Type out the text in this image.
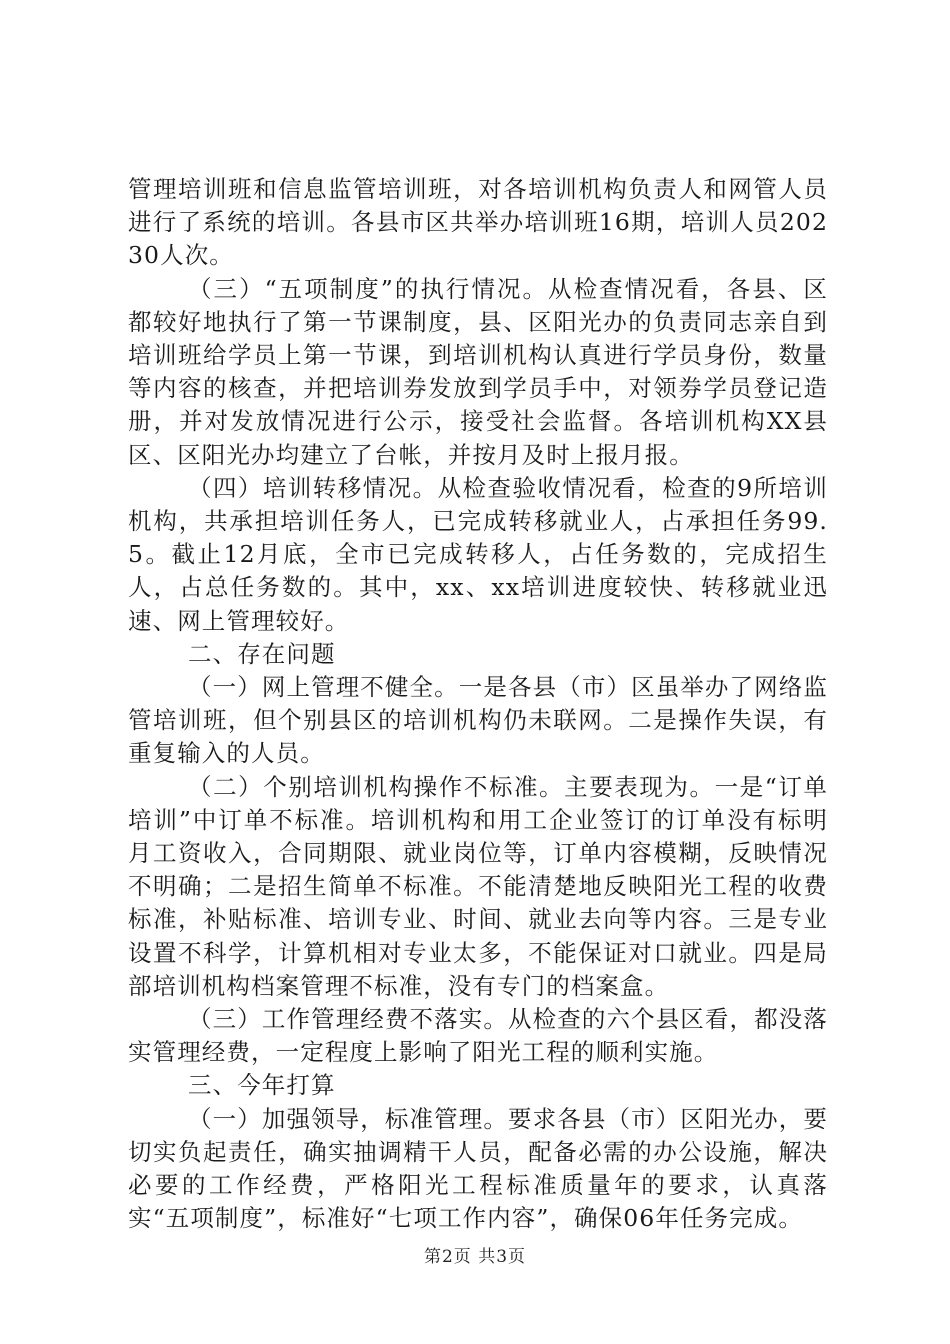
管理培训班和信息监管培训班，对各培训机构负责人和网管人员进行了系统的培训。各县市区共举办培训班16期，培训人员20230人次。

（三）“五项制度”的执行情况。从检查情况看，各县、区都较好地执行了第一节课制度，县、区阳光办的负责同志亲自到培训班给学员上第一节课，到培训机构认真进行学员身份，数量等内容的核查，并把培训券发放到学员手中，对领券学员登记造册，并对发放情况进行公示，接受社会监督。各培训机构XX县区、区阳光办均建立了台帐，并按月及时上报月报。

（四）培训转移情况。从检查验收情况看，检查的9所培训机构，共承担培训任务人，已完成转移就业人，占承担任务99.5。截止12月底，全市已完成转移人，占任务数的，完成招生人，占总任务数的。其中，xx、xx培训进度较快、转移就业迅速、网上管理较好。

二、存在问题

（一）网上管理不健全。一是各县（市）区虽举办了网络监管培训班，但个别县区的培训机构仍未联网。二是操作失误，有重复输入的人员。

（二）个别培训机构操作不标准。主要表现为。一是“订单培训”中订单不标准。培训机构和用工企业签订的订单没有标明月工资收入，合同期限、就业岗位等，订单内容模糊，反映情况不明确；二是招生简单不标准。不能清楚地反映阳光工程的收费标准，补贴标准、培训专业、时间、就业去向等内容。三是专业设置不科学，计算机相对专业太多，不能保证对口就业。四是局部培训机构档案管理不标准，没有专门的档案盒。

（三）工作管理经费不落实。从检查的六个县区看，都没落实管理经费，一定程度上影响了阳光工程的顺利实施。

三、今年打算

（一）加强领导，标准管理。要求各县（市）区阳光办，要切实负起责任，确实抽调精干人员，配备必需的办公设施，解决必要的工作经费，严格阳光工程标准质量年的要求，认真落实“五项制度”，标准好“七项工作内容”，确保06年任务完成。

第2页 共3页
